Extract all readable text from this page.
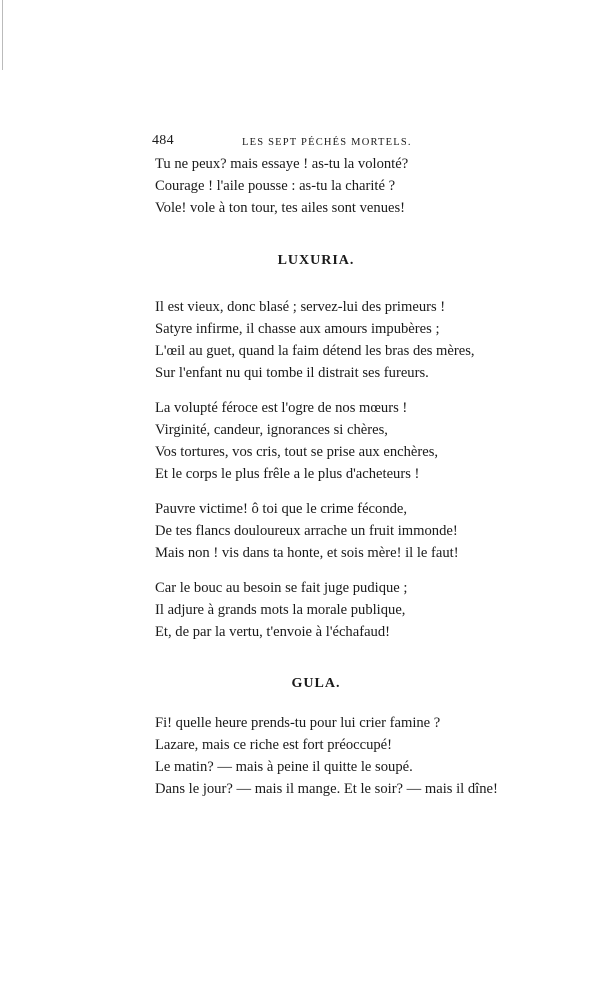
484	LES SEPT PÉCHÉS MORTELS.
Tu ne peux? mais essaye ! as-tu la volonté?
Courage ! l'aile pousse : as-tu la charité ?
Vole! vole à ton tour, tes ailes sont venues!
LUXURIA.
Il est vieux, donc blasé ; servez-lui des primeurs !
Satyre infirme, il chasse aux amours impubères ;
L'œil au guet, quand la faim détend les bras des mères,
Sur l'enfant nu qui tombe il distrait ses fureurs.
La volupté féroce est l'ogre de nos mœurs !
Virginité, candeur, ignorances si chères,
Vos tortures, vos cris, tout se prise aux enchères,
Et le corps le plus frêle a le plus d'acheteurs !
Pauvre victime! ô toi que le crime féconde,
De tes flancs douloureux arrache un fruit immonde!
Mais non ! vis dans ta honte, et sois mère! il le faut!
Car le bouc au besoin se fait juge pudique ;
Il adjure à grands mots la morale publique,
Et, de par la vertu, t'envoie à l'échafaud!
GULA.
Fi! quelle heure prends-tu pour lui crier famine ?
Lazare, mais ce riche est fort préoccupé!
Le matin? — mais à peine il quitte le soupé.
Dans le jour? — mais il mange. Et le soir? — mais il dîne!
